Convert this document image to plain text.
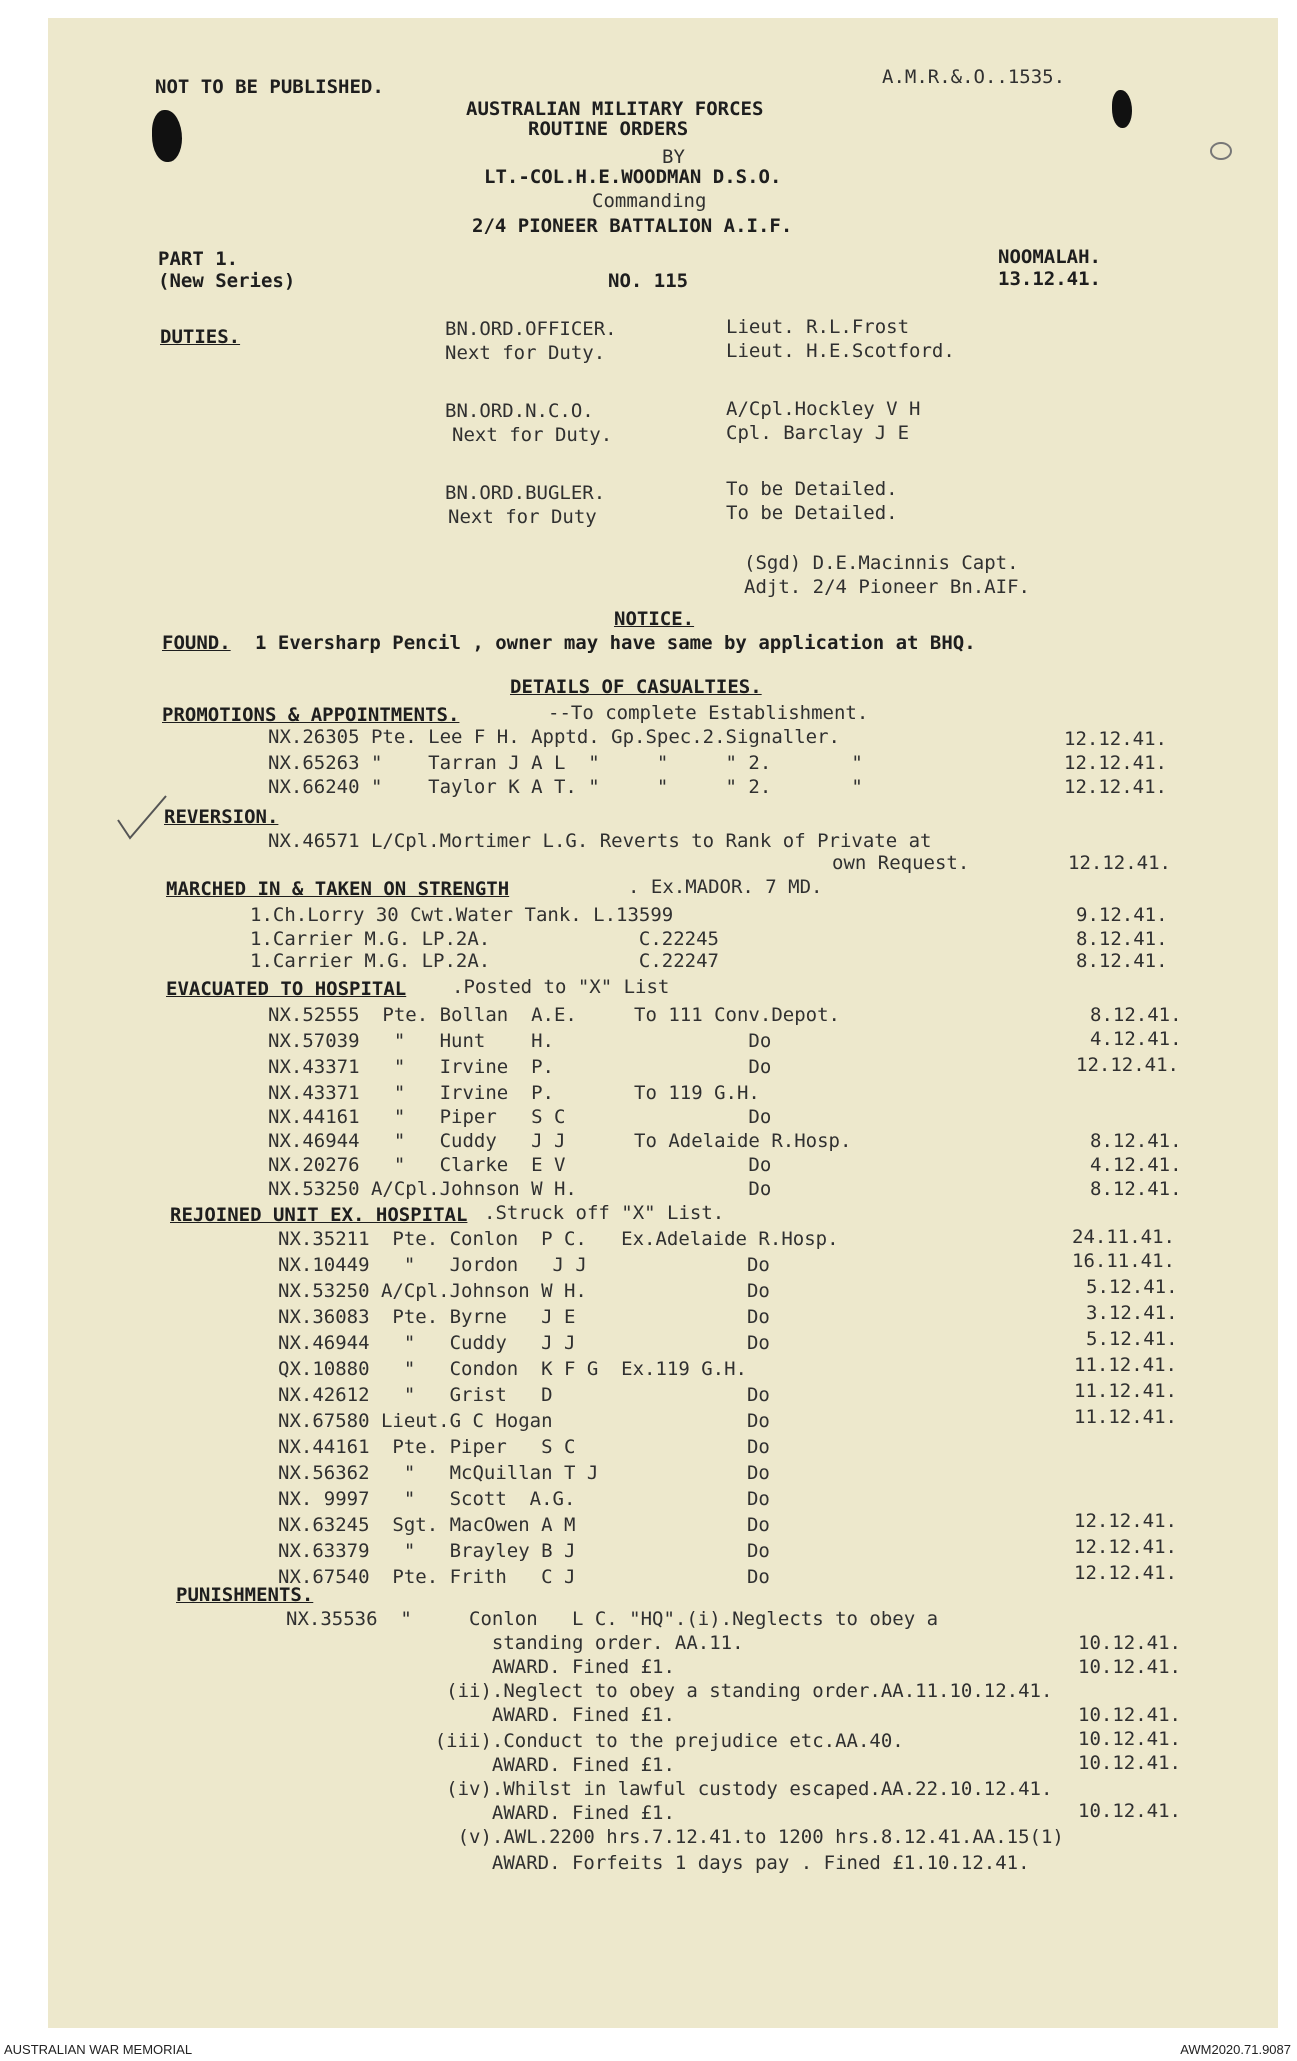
NOT TO BE PUBLISHED.	A.M.R.&.O..1535.
AUSTRALIAN MILITARY FORCES
ROUTINE ORDERS
BY
LT.-COL.H.E.WOODMAN D.S.O.
Commanding
2/4 PIONEER BATTALION A.I.F.
PART 1.
(New Series)	NO. 115
NOOMALAH.
13.12.41.
DUTIES.	BN.ORD.OFFICER.	Lieut. R.L.Frost
Next for Duty.	Lieut. H.E.Scotford.
BN.ORD.N.C.O.	A/Cpl.Hockley V H
Next for Duty.	Cpl. Barclay J E
BN.ORD.BUGLER.	To be Detailed.
Next for Duty	To be Detailed.
(Sgd) D.E.Macinnis Capt.
Adjt. 2/4 Pioneer Bn.AIF.
NOTICE.
FOUND. 1 Eversharp Pencil , owner may have same by application at BHQ.
DETAILS OF CASUALTIES.
PROMOTIONS & APPOINTMENTS.	--To complete Establishment.
NX.26305 Pte. Lee F H. Apptd. Gp.Spec.2.Signaller.	12.12.41.
NX.65263 "    Tarran J A L  "     "     " 2.       "	12.12.41.
NX.66240 "    Taylor K A T. "     "     " 2.       "	12.12.41.
REVERSION.
NX.46571 L/Cpl.Mortimer L.G. Reverts to Rank of Private at
own Request.	12.12.41.
MARCHED IN & TAKEN ON STRENGTH	. Ex.MADOR. 7 MD.
1.Ch.Lorry 30 Cwt.Water Tank. L.13599	9.12.41.
1.Carrier M.G. LP.2A.             C.22245	8.12.41.
1.Carrier M.G. LP.2A.             C.22247	8.12.41.
EVACUATED TO HOSPITAL .Posted to "X" List
NX.52555  Pte. Bollan  A.E.     To 111 Conv.Depot.	8.12.41.
NX.57039   "   Hunt    H.                 Do	4.12.41.
NX.43371   "   Irvine  P.                 Do	12.12.41.
NX.43371   "   Irvine  P.       To 119 G.H.
NX.44161   "   Piper   S C                Do
NX.46944   "   Cuddy   J J      To Adelaide R.Hosp.	8.12.41.
NX.20276   "   Clarke  E V                Do	4.12.41.
NX.53250 A/Cpl.Johnson W H.               Do	8.12.41.
REJOINED UNIT EX. HOSPITAL .Struck off "X" List.
NX.35211  Pte. Conlon  P C.   Ex.Adelaide R.Hosp.	24.11.41.
NX.10449   "   Jordon   J J              Do	16.11.41.
NX.53250 A/Cpl.Johnson W H.              Do	5.12.41.
NX.36083  Pte. Byrne   J E               Do	3.12.41.
NX.46944   "   Cuddy   J J               Do	5.12.41.
QX.10880   "   Condon  K F G  Ex.119 G.H.	11.12.41.
NX.42612   "   Grist   D                 Do	11.12.41.
NX.67580 Lieut.G C Hogan                 Do	11.12.41.
NX.44161  Pte. Piper   S C               Do
NX.56362   "   McQuillan T J             Do
NX. 9997   "   Scott  A.G.               Do
NX.63245  Sgt. MacOwen A M               Do	12.12.41.
NX.63379   "   Brayley B J               Do	12.12.41.
NX.67540  Pte. Frith   C J               Do	12.12.41.
PUNISHMENTS.
NX.35536  "     Conlon   L C. "HQ".(i).Neglects to obey a
standing order. AA.11.	10.12.41.
AWARD. Fined £1.	10.12.41.
(ii).Neglect to obey a standing order.AA.11.10.12.41.
AWARD. Fined £1.	10.12.41.
(iii).Conduct to the prejudice etc.AA.40.	10.12.41.
AWARD. Fined £1.	10.12.41.
(iv).Whilst in lawful custody escaped.AA.22.10.12.41.
AWARD. Fined £1.	10.12.41.
(v).AWL.2200 hrs.7.12.41.to 1200 hrs.8.12.41.AA.15(1)
AWARD. Forfeits 1 days pay . Fined £1.10.12.41.
AUSTRALIAN WAR MEMORIAL	AWM2020.71.9087
